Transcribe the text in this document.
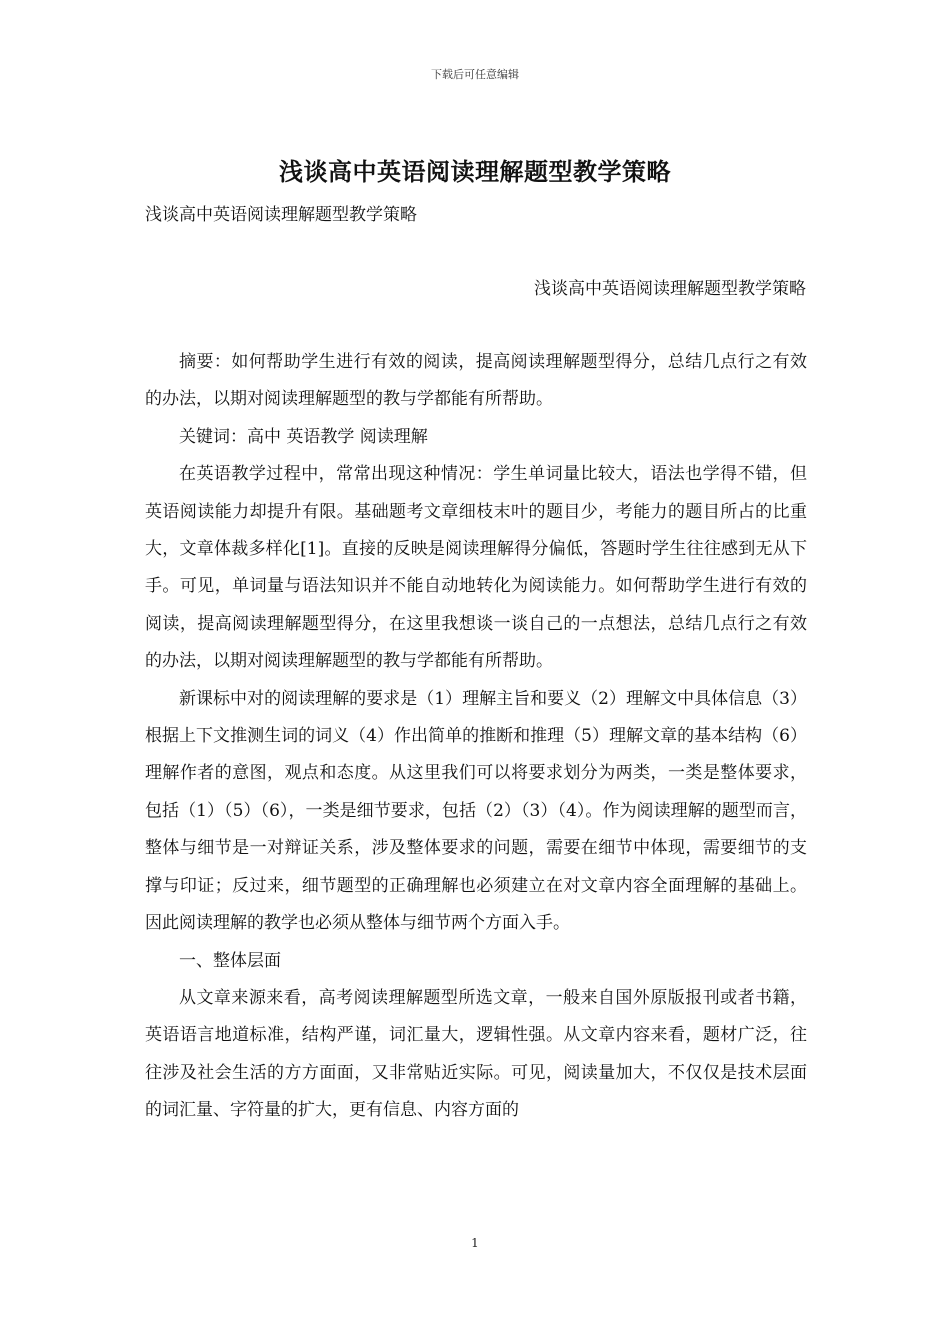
下载后可任意编辑
浅谈高中英语阅读理解题型教学策略
浅谈高中英语阅读理解题型教学策略
浅谈高中英语阅读理解题型教学策略

摘要：如何帮助学生进行有效的阅读，提高阅读理解题型得分，总结几点行之有效的办法，以期对阅读理解题型的教与学都能有所帮助。

关键词：高中 英语教学 阅读理解

在英语教学过程中，常常出现这种情况：学生单词量比较大，语法也学得不错，但英语阅读能力却提升有限。基础题考文章细枝末叶的题目少，考能力的题目所占的比重大，文章体裁多样化[1]。直接的反映是阅读理解得分偏低，答题时学生往往感到无从下手。可见，单词量与语法知识并不能自动地转化为阅读能力。如何帮助学生进行有效的阅读，提高阅读理解题型得分，在这里我想谈一谈自己的一点想法，总结几点行之有效的办法，以期对阅读理解题型的教与学都能有所帮助。

新课标中对的阅读理解的要求是（1）理解主旨和要义（2）理解文中具体信息（3）根据上下文推测生词的词义（4）作出简单的推断和推理（5）理解文章的基本结构（6）理解作者的意图，观点和态度。从这里我们可以将要求划分为两类，一类是整体要求，包括（1）（5）（6），一类是细节要求，包括（2）（3）（4）。作为阅读理解的题型而言，整体与细节是一对辩证关系，涉及整体要求的问题，需要在细节中体现，需要细节的支撑与印证；反过来，细节题型的正确理解也必须建立在对文章内容全面理解的基础上。因此阅读理解的教学也必须从整体与细节两个方面入手。

一、整体层面

从文章来源来看，高考阅读理解题型所选文章，一般来自国外原版报刊或者书籍，英语语言地道标准，结构严谨，词汇量大，逻辑性强。从文章内容来看，题材广泛，往往涉及社会生活的方方面面，又非常贴近实际。可见，阅读量加大，不仅仅是技术层面的词汇量、字符量的扩大，更有信息、内容方面的

1
